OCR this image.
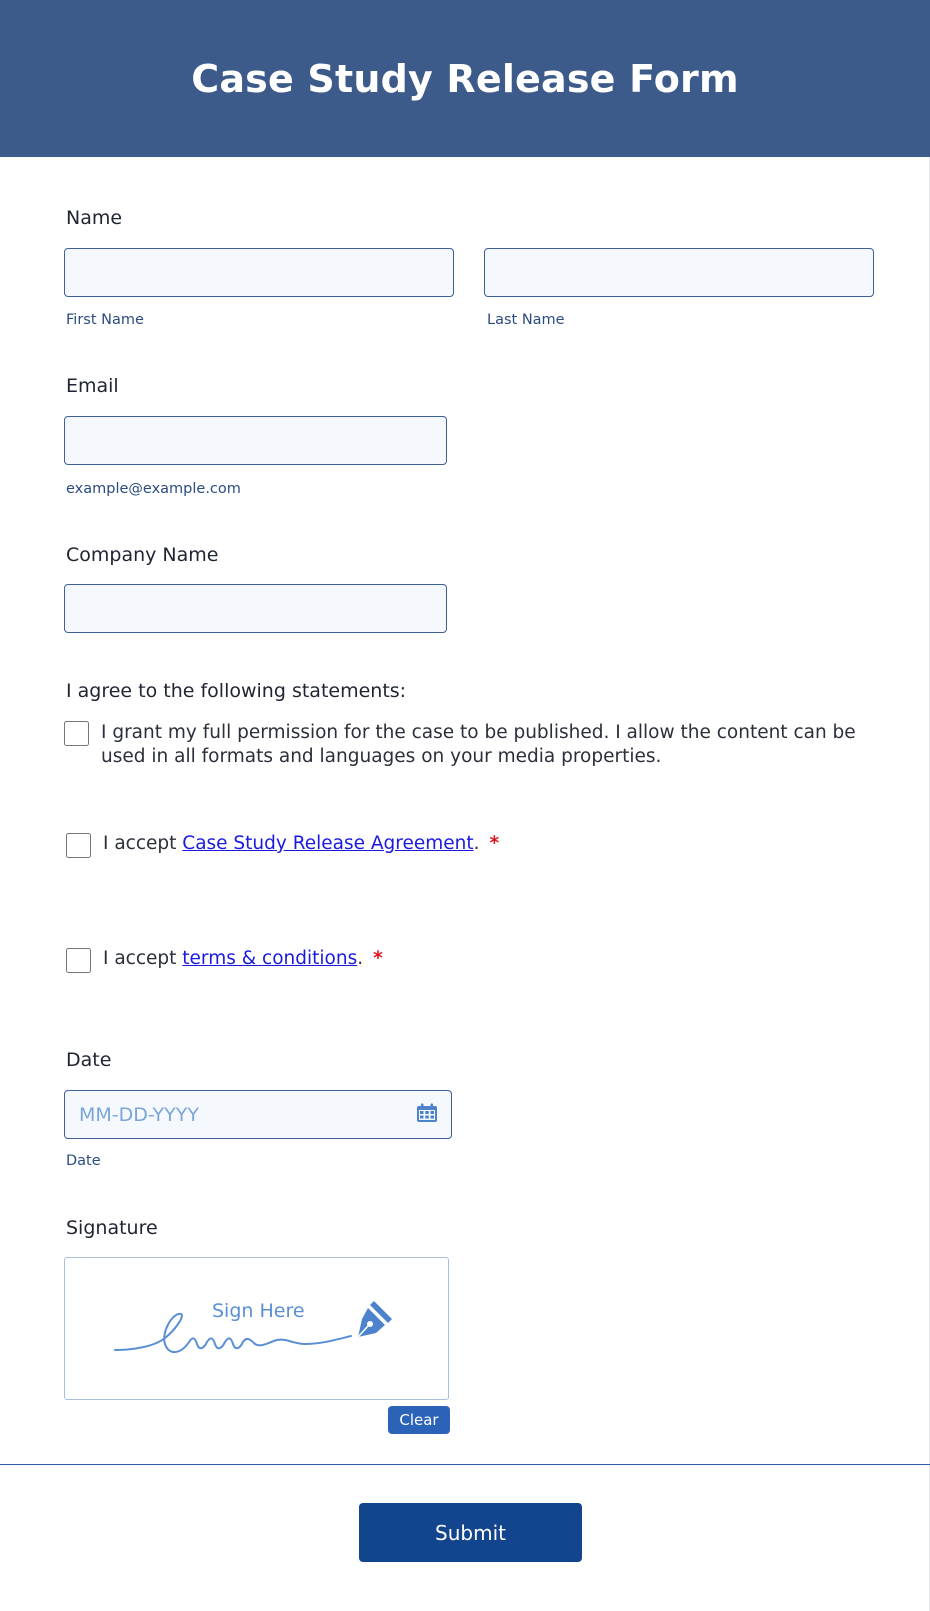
Case Study Release Form
Name
First Name	Last Name
Email
example@example.com
Company Name
I agree to the following statements:
I grant my full permission for the case to be published. I allow the content can be used in all formats and languages on your media properties.
I accept Case Study Release Agreement. *
I accept terms & conditions. *
Date
MM-DD-YYYY
Date
Signature
Sign Here
Clear
Submit
